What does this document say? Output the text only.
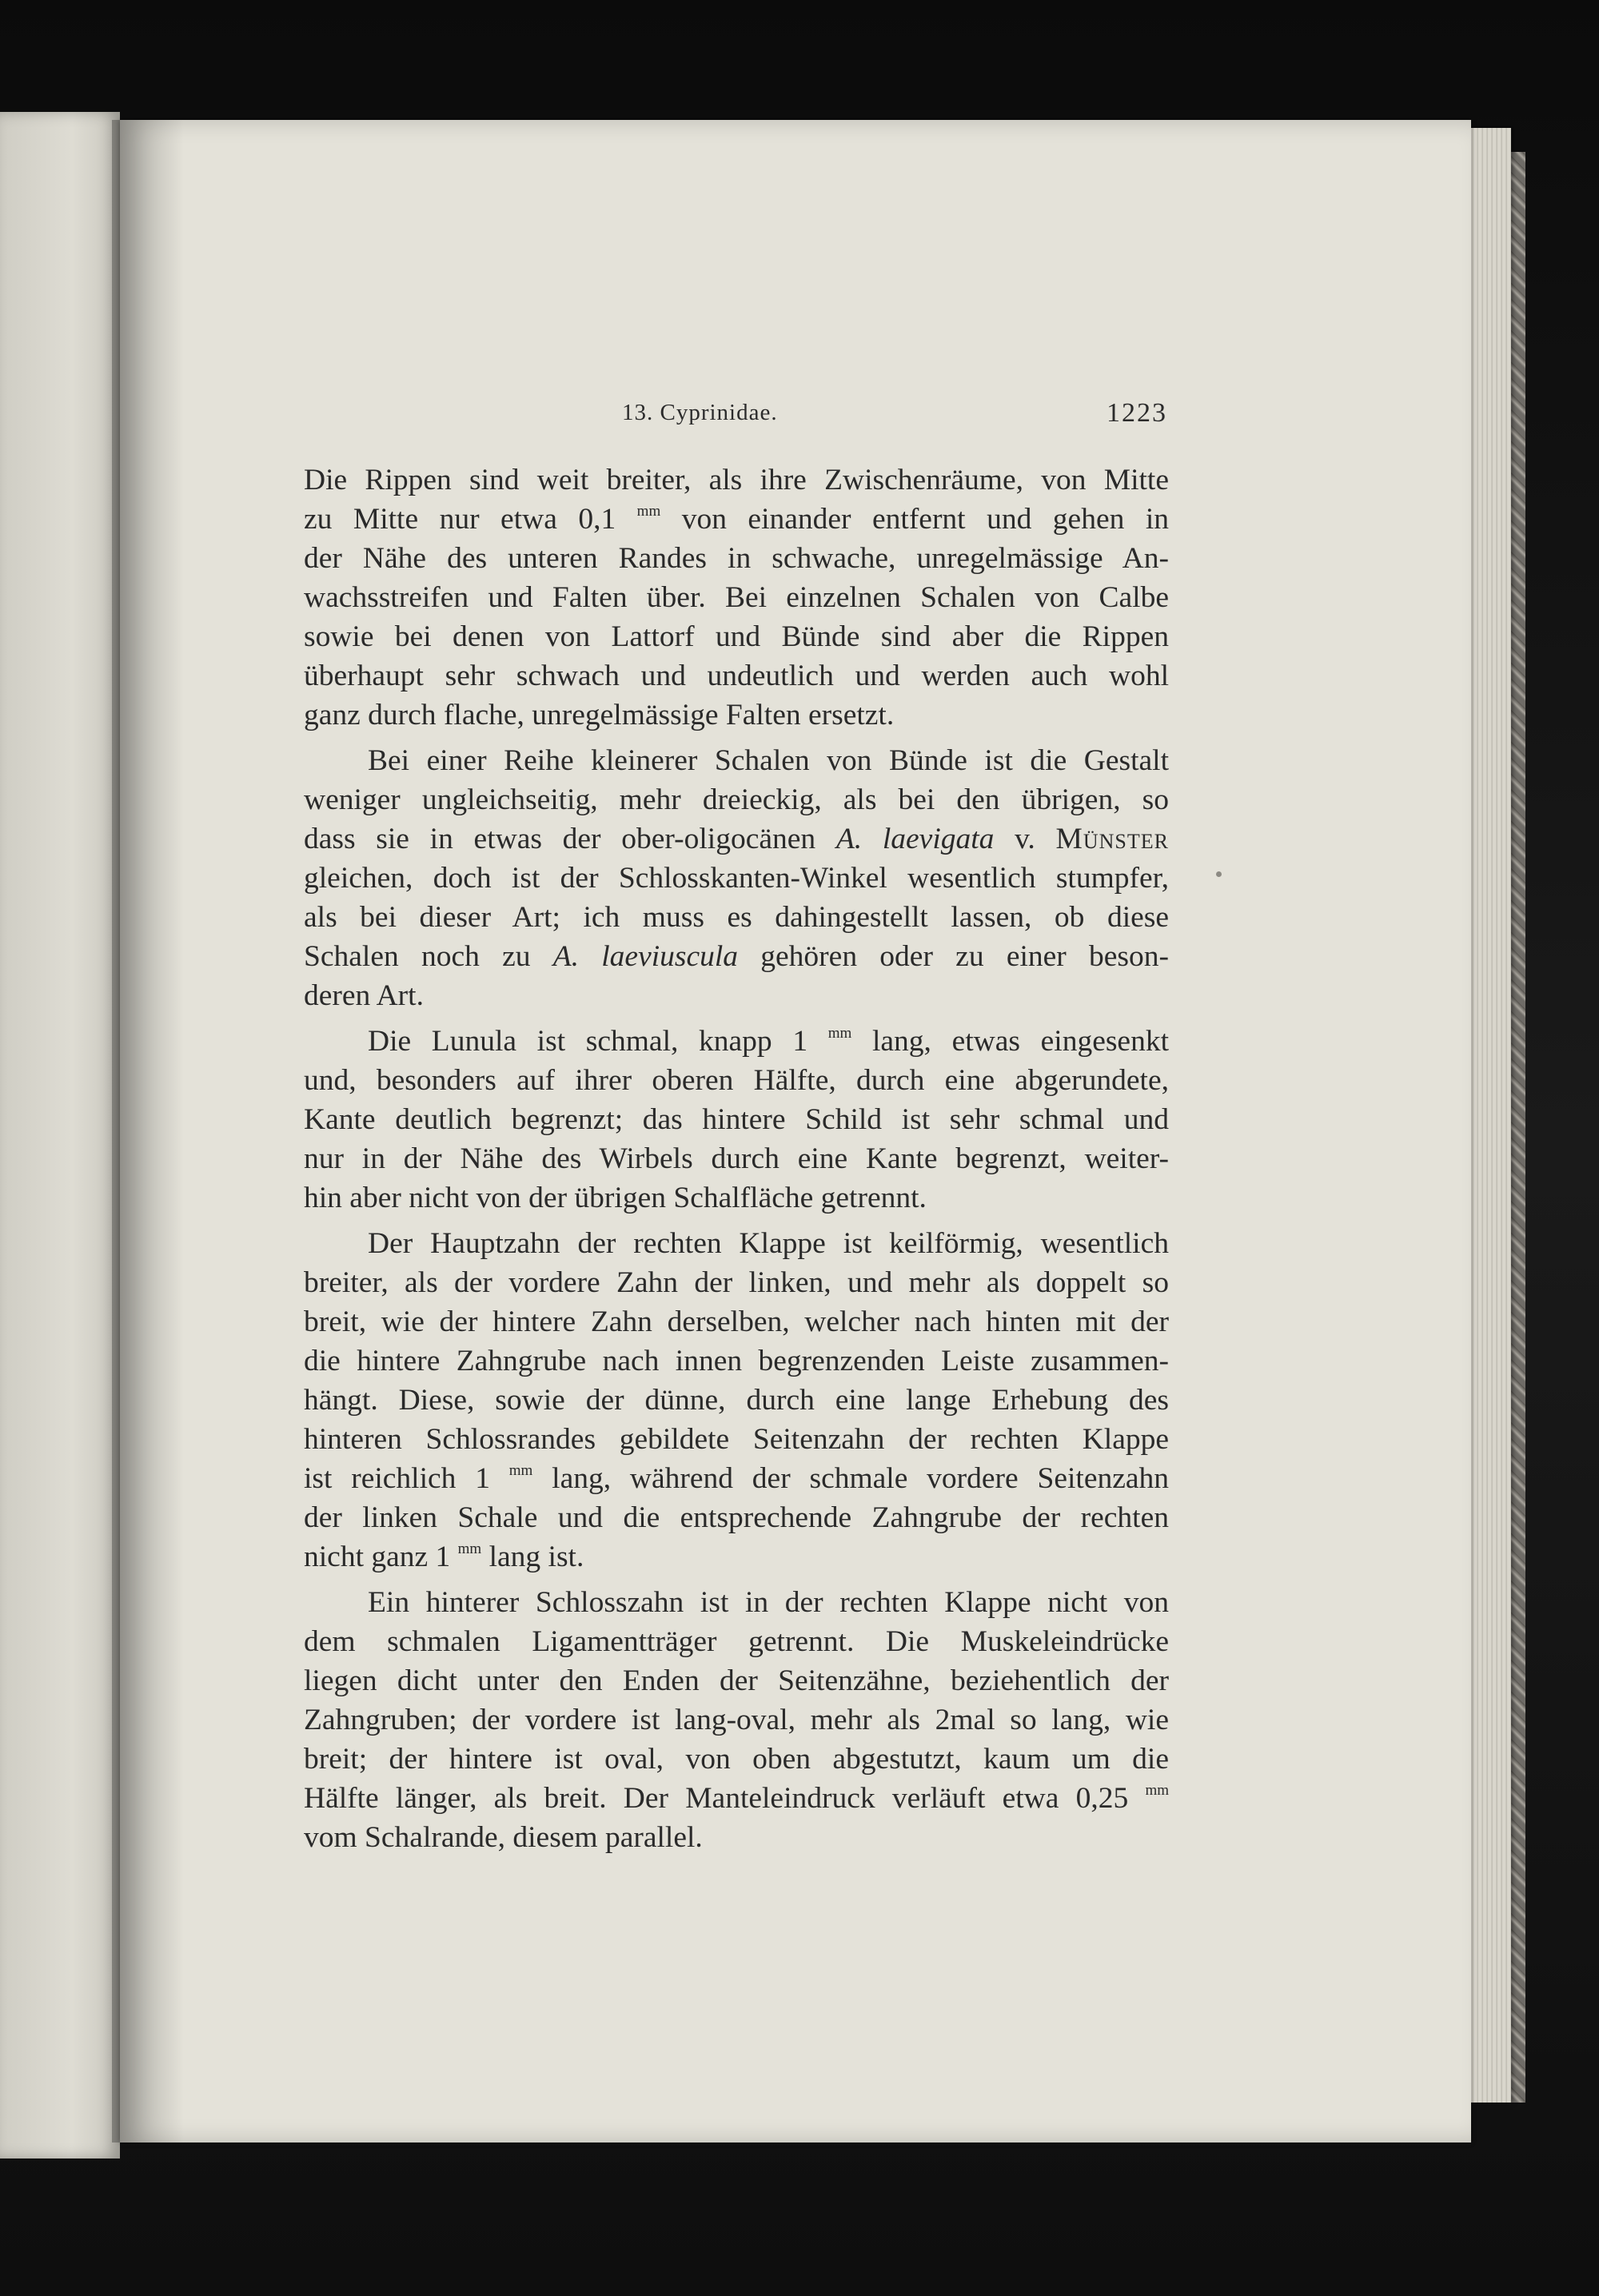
13. Cyprinidae.	1223
Die Rippen sind weit breiter, als ihre Zwischenräume, von Mitte
zu Mitte nur etwa 0,1 $^{mm}$ von einander entfernt und gehen in
der Nähe des unteren Randes in schwache, unregelmässige An-
wachsstreifen und Falten über. Bei einzelnen Schalen von Calbe
sowie bei denen von Lattorf und Bünde sind aber die Rippen
überhaupt sehr schwach und undeutlich und werden auch wohl
ganz durch flache, unregelmässige Falten ersetzt.
Bei einer Reihe kleinerer Schalen von Bünde ist die Gestalt
weniger ungleichseitig, mehr dreieckig, als bei den übrigen, so
dass sie in etwas der ober-oligocänen A. laevigata v. Münster
gleichen, doch ist der Schlosskanten-Winkel wesentlich stumpfer,
als bei dieser Art; ich muss es dahingestellt lassen, ob diese
Schalen noch zu A. laeviuscula gehören oder zu einer beson-
deren Art.
Die Lunula ist schmal, knapp 1 $^{mm}$ lang, etwas eingesenkt
und, besonders auf ihrer oberen Hälfte, durch eine abgerundete,
Kante deutlich begrenzt; das hintere Schild ist sehr schmal und
nur in der Nähe des Wirbels durch eine Kante begrenzt, weiter-
hin aber nicht von der übrigen Schalfläche getrennt.
Der Hauptzahn der rechten Klappe ist keilförmig, wesentlich
breiter, als der vordere Zahn der linken, und mehr als doppelt so
breit, wie der hintere Zahn derselben, welcher nach hinten mit der
die hintere Zahngrube nach innen begrenzenden Leiste zusammen-
hängt. Diese, sowie der dünne, durch eine lange Erhebung des
hinteren Schlossrandes gebildete Seitenzahn der rechten Klappe
ist reichlich 1 $^{mm}$ lang, während der schmale vordere Seitenzahn
der linken Schale und die entsprechende Zahngrube der rechten
nicht ganz 1 $^{mm}$ lang ist.
Ein hinterer Schlosszahn ist in der rechten Klappe nicht von
dem schmalen Ligamentträger getrennt. Die Muskeleindrücke
liegen dicht unter den Enden der Seitenzähne, beziehentlich der
Zahngruben; der vordere ist lang-oval, mehr als 2mal so lang, wie
breit; der hintere ist oval, von oben abgestutzt, kaum um die
Hälfte länger, als breit. Der Manteleindruck verläuft etwa 0,25 $^{mm}$
vom Schalrande, diesem parallel.
